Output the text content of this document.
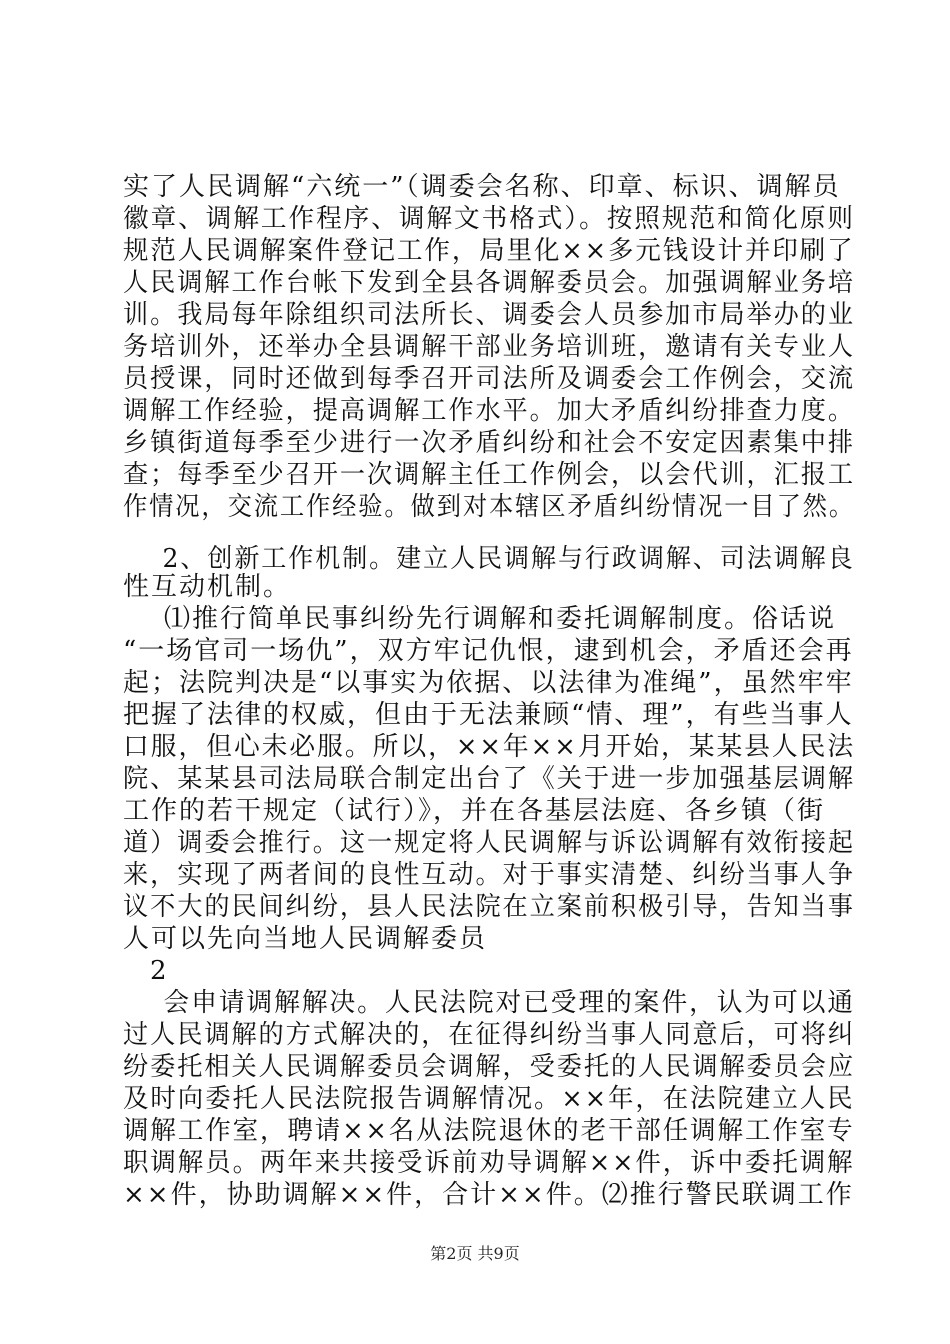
实了人民调解“六统一”（调委会名称、印章、标识、调解员
徽章、调解工作程序、调解文书格式）。按照规范和简化原则
规范人民调解案件登记工作，局里化××多元钱设计并印刷了
人民调解工作台帐下发到全县各调解委员会。加强调解业务培
训。我局每年除组织司法所长、调委会人员参加市局举办的业
务培训外，还举办全县调解干部业务培训班，邀请有关专业人
员授课，同时还做到每季召开司法所及调委会工作例会，交流
调解工作经验，提高调解工作水平。加大矛盾纠纷排查力度。
乡镇街道每季至少进行一次矛盾纠纷和社会不安定因素集中排
查；每季至少召开一次调解主任工作例会，以会代训，汇报工
作情况，交流工作经验。做到对本辖区矛盾纠纷情况一目了然。
2、创新工作机制。建立人民调解与行政调解、司法调解良
性互动机制。
⑴推行简单民事纠纷先行调解和委托调解制度。俗话说
“一场官司一场仇”，双方牢记仇恨，逮到机会，矛盾还会再
起；法院判决是“以事实为依据、以法律为准绳”，虽然牢牢
把握了法律的权威，但由于无法兼顾“情、理”，有些当事人
口服，但心未必服。所以，××年××月开始，某某县人民法
院、某某县司法局联合制定出台了《关于进一步加强基层调解
工作的若干规定（试行）》，并在各基层法庭、各乡镇（街
道）调委会推行。这一规定将人民调解与诉讼调解有效衔接起
来，实现了两者间的良性互动。对于事实清楚、纠纷当事人争
议不大的民间纠纷，县人民法院在立案前积极引导，告知当事
人可以先向当地人民调解委员
2
会申请调解解决。人民法院对已受理的案件，认为可以通
过人民调解的方式解决的，在征得纠纷当事人同意后，可将纠
纷委托相关人民调解委员会调解，受委托的人民调解委员会应
及时向委托人民法院报告调解情况。××年，在法院建立人民
调解工作室，聘请××名从法院退休的老干部任调解工作室专
职调解员。两年来共接受诉前劝导调解××件，诉中委托调解
××件，协助调解××件，合计××件。⑵推行警民联调工作
第2页 共9页
